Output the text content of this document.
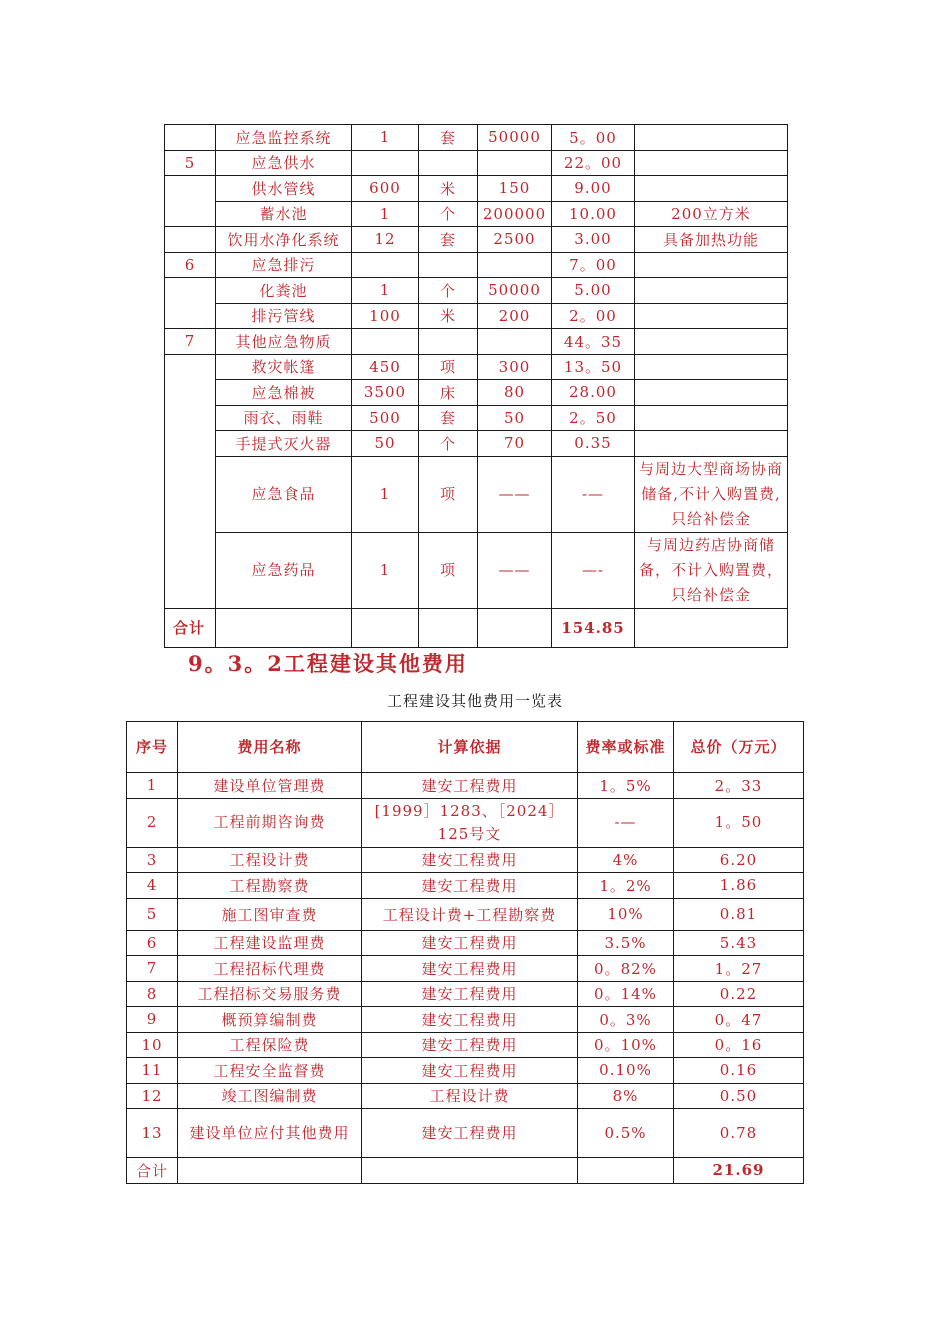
	应急监控系统	1	套	50000	5。00	
5	应急供水				22。00	
	供水管线	600	米	150	9.00	
	蓄水池	1	个	200000	10.00	200立方米
	饮用水净化系统	12	套	2500	3.00	具备加热功能
6	应急排污				7。00	
	化粪池	1	个	50000	5.00	
	排污管线	100	米	200	2。00	
7	其他应急物质				44。35	
	救灾帐篷	450	项	300	13。50	
	应急棉被	3500	床	80	28.00	
	雨衣、雨鞋	500	套	50	2。50	
	手提式灭火器	50	个	70	0.35	
	应急食品	1	项	——	-—	与周边大型商场协商储备,不计入购置费,只给补偿金
	应急药品	1	项	——	—-	与周边药店协商储备，不计入购置费，只给补偿金
合计					154.85	
9。3。2工程建设其他费用
工程建设其他费用一览表
序号	费用名称	计算依据	费率或标准	总价（万元）
1	建设单位管理费	建安工程费用	1。5%	2。33
2	工程前期咨询费	[1999］1283、［2024］125号文	-—	1。50
3	工程设计费	建安工程费用	4%	6.20
4	工程勘察费	建安工程费用	1。2%	1.86
5	施工图审查费	工程设计费+工程勘察费	10%	0.81
6	工程建设监理费	建安工程费用	3.5%	5.43
7	工程招标代理费	建安工程费用	0。82%	1。27
8	工程招标交易服务费	建安工程费用	0。14%	0.22
9	概预算编制费	建安工程费用	0。3%	0。47
10	工程保险费	建安工程费用	0。10%	0。16
11	工程安全监督费	建安工程费用	0.10%	0.16
12	竣工图编制费	工程设计费	8%	0.50
13	建设单位应付其他费用	建安工程费用	0.5%	0.78
合计				21.69
